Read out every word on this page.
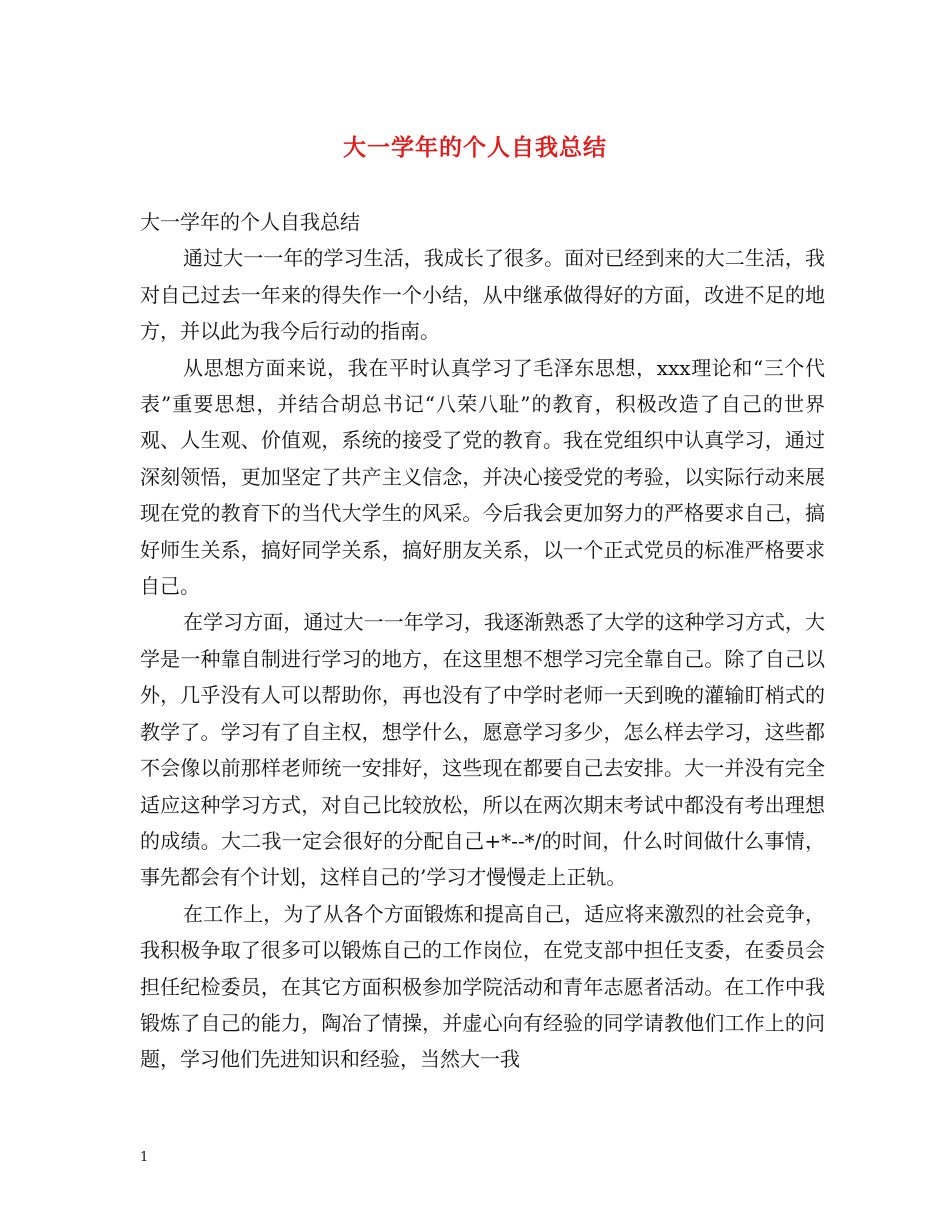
大一学年的个人自我总结

大一学年的个人自我总结

通过大一一年的学习生活，我成长了很多。面对已经到来的大二生活，我对自己过去一年来的得失作一个小结，从中继承做得好的方面，改进不足的地方，并以此为我今后行动的指南。

从思想方面来说，我在平时认真学习了毛泽东思想，xxx理论和“三个代表”重要思想，并结合胡总书记“八荣八耻”的教育，积极改造了自己的世界观、人生观、价值观，系统的接受了党的教育。我在党组织中认真学习，通过深刻领悟，更加坚定了共产主义信念，并决心接受党的考验，以实际行动来展现在党的教育下的当代大学生的风采。今后我会更加努力的严格要求自己，搞好师生关系，搞好同学关系，搞好朋友关系，以一个正式党员的标准严格要求自己。

在学习方面，通过大一一年学习，我逐渐熟悉了大学的这种学习方式，大学是一种靠自制进行学习的地方，在这里想不想学习完全靠自己。除了自己以外，几乎没有人可以帮助你，再也没有了中学时老师一天到晚的灌输盯梢式的教学了。学习有了自主权，想学什么，愿意学习多少，怎么样去学习，这些都不会像以前那样老师统一安排好，这些现在都要自己去安排。大一并没有完全适应这种学习方式，对自己比较放松，所以在两次期末考试中都没有考出理想的成绩。大二我一定会很好的分配自己+*--*/的时间，什么时间做什么事情，事先都会有个计划，这样自己的’学习才慢慢走上正轨。

在工作上，为了从各个方面锻炼和提高自己，适应将来激烈的社会竞争，我积极争取了很多可以锻炼自己的工作岗位，在党支部中担任支委，在委员会担任纪检委员，在其它方面积极参加学院活动和青年志愿者活动。在工作中我锻炼了自己的能力，陶冶了情操，并虚心向有经验的同学请教他们工作上的问题，学习他们先进知识和经验，当然大一我

1
